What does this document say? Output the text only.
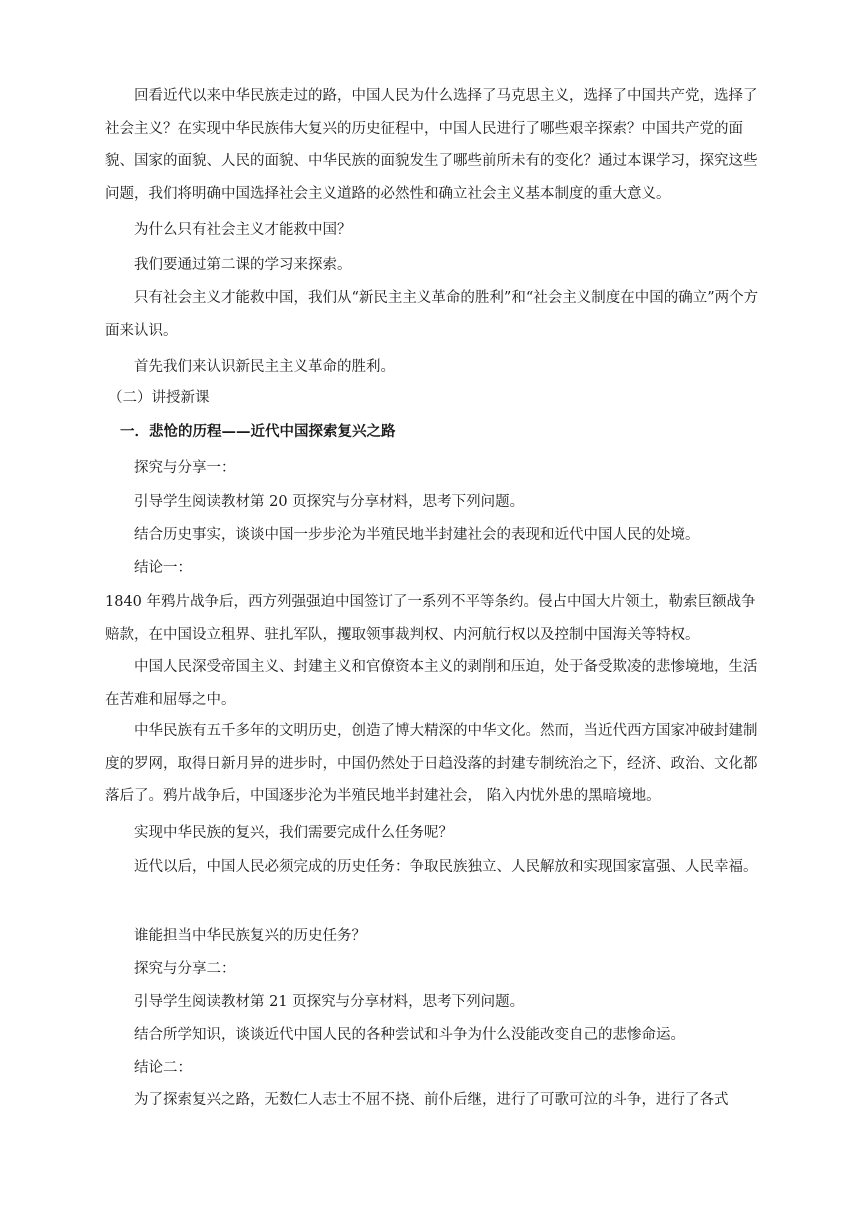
回看近代以来中华民族走过的路，中国人民为什么选择了马克思主义，选择了中国共产党，选择了社会主义？在实现中华民族伟大复兴的历史征程中，中国人民进行了哪些艰辛探索？中国共产党的面貌、国家的面貌、人民的面貌、中华民族的面貌发生了哪些前所未有的变化？通过本课学习，探究这些问题，我们将明确中国选择社会主义道路的必然性和确立社会主义基本制度的重大意义。

为什么只有社会主义才能救中国？

我们要通过第二课的学习来探索。

只有社会主义才能救中国，我们从“新民主主义革命的胜利”和“社会主义制度在中国的确立”两个方面来认识。

首先我们来认识新民主主义革命的胜利。

（二）讲授新课

一．悲怆的历程——近代中国探索复兴之路

探究与分享一：

引导学生阅读教材第 20 页探究与分享材料，思考下列问题。

结合历史事实，谈谈中国一步步沦为半殖民地半封建社会的表现和近代中国人民的处境。

结论一：

1840 年鸦片战争后，西方列强强迫中国签订了一系列不平等条约。侵占中国大片领土，勒索巨额战争赔款，在中国设立租界、驻扎军队，攫取领事裁判权、内河航行权以及控制中国海关等特权。

中国人民深受帝国主义、封建主义和官僚资本主义的剥削和压迫，处于备受欺凌的悲惨境地，生活在苦难和屈辱之中。

中华民族有五千多年的文明历史，创造了博大精深的中华文化。然而，当近代西方国家冲破封建制度的罗网，取得日新月异的进步时，中国仍然处于日趋没落的封建专制统治之下，经济、政治、文化都落后了。鸦片战争后，中国逐步沦为半殖民地半封建社会， 陷入内忧外患的黑暗境地。

实现中华民族的复兴，我们需要完成什么任务呢？

近代以后，中国人民必须完成的历史任务：争取民族独立、人民解放和实现国家富强、人民幸福。

谁能担当中华民族复兴的历史任务？

探究与分享二：

引导学生阅读教材第 21 页探究与分享材料，思考下列问题。

结合所学知识，谈谈近代中国人民的各种尝试和斗争为什么没能改变自己的悲惨命运。

结论二：

为了探索复兴之路，无数仁人志士不屈不挠、前仆后继，进行了可歌可泣的斗争，进行了各式
